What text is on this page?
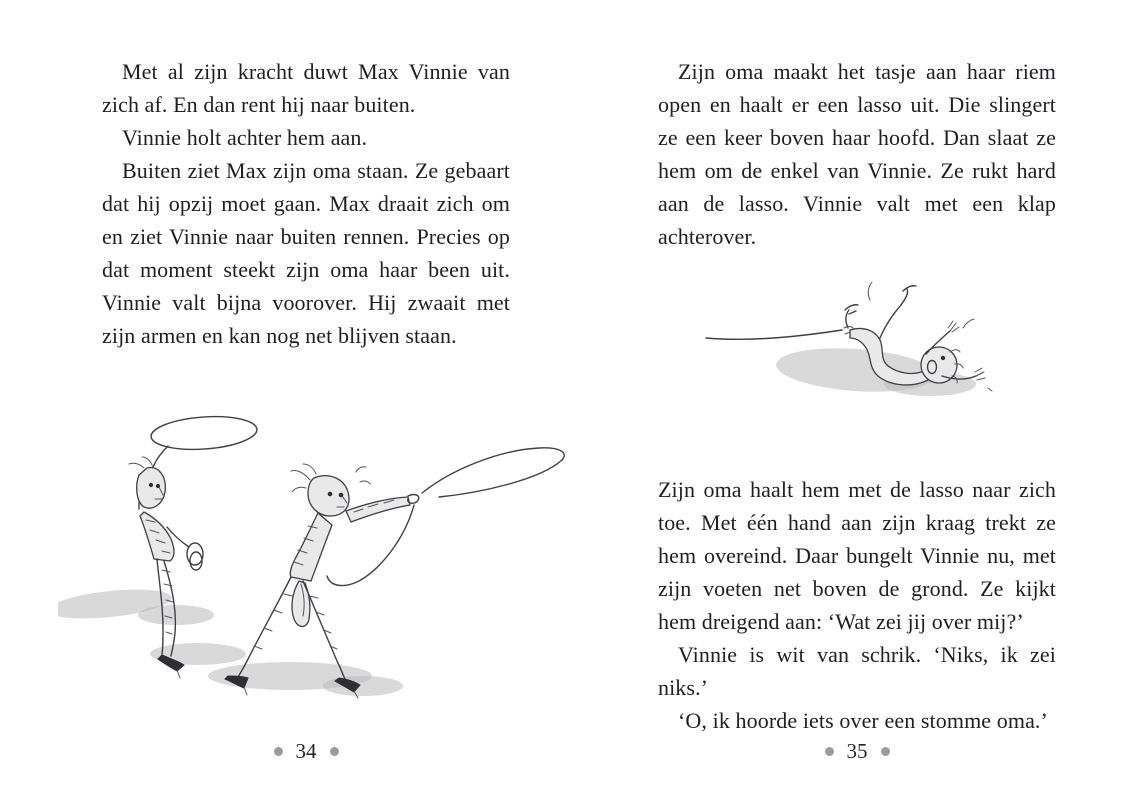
Met al zijn kracht duwt Max Vinnie van zich af. En dan rent hij naar buiten.

Vinnie holt achter hem aan.

Buiten ziet Max zijn oma staan. Ze gebaart dat hij opzij moet gaan. Max draait zich om en ziet Vinnie naar buiten rennen. Precies op dat moment steekt zijn oma haar been uit. Vinnie valt bijna voorover. Hij zwaait met zijn armen en kan nog net blijven staan.

34

Zijn oma maakt het tasje aan haar riem open en haalt er een lasso uit. Die slingert ze een keer boven haar hoofd. Dan slaat ze hem om de enkel van Vinnie. Ze rukt hard aan de lasso. Vinnie valt met een klap achterover.

Zijn oma haalt hem met de lasso naar zich toe. Met één hand aan zijn kraag trekt ze hem overeind. Daar bungelt Vinnie nu, met zijn voeten net boven de grond. Ze kijkt hem dreigend aan: ‘Wat zei jij over mij?’

Vinnie is wit van schrik. ‘Niks, ik zei niks.’

‘O, ik hoorde iets over een stomme oma.’

35
